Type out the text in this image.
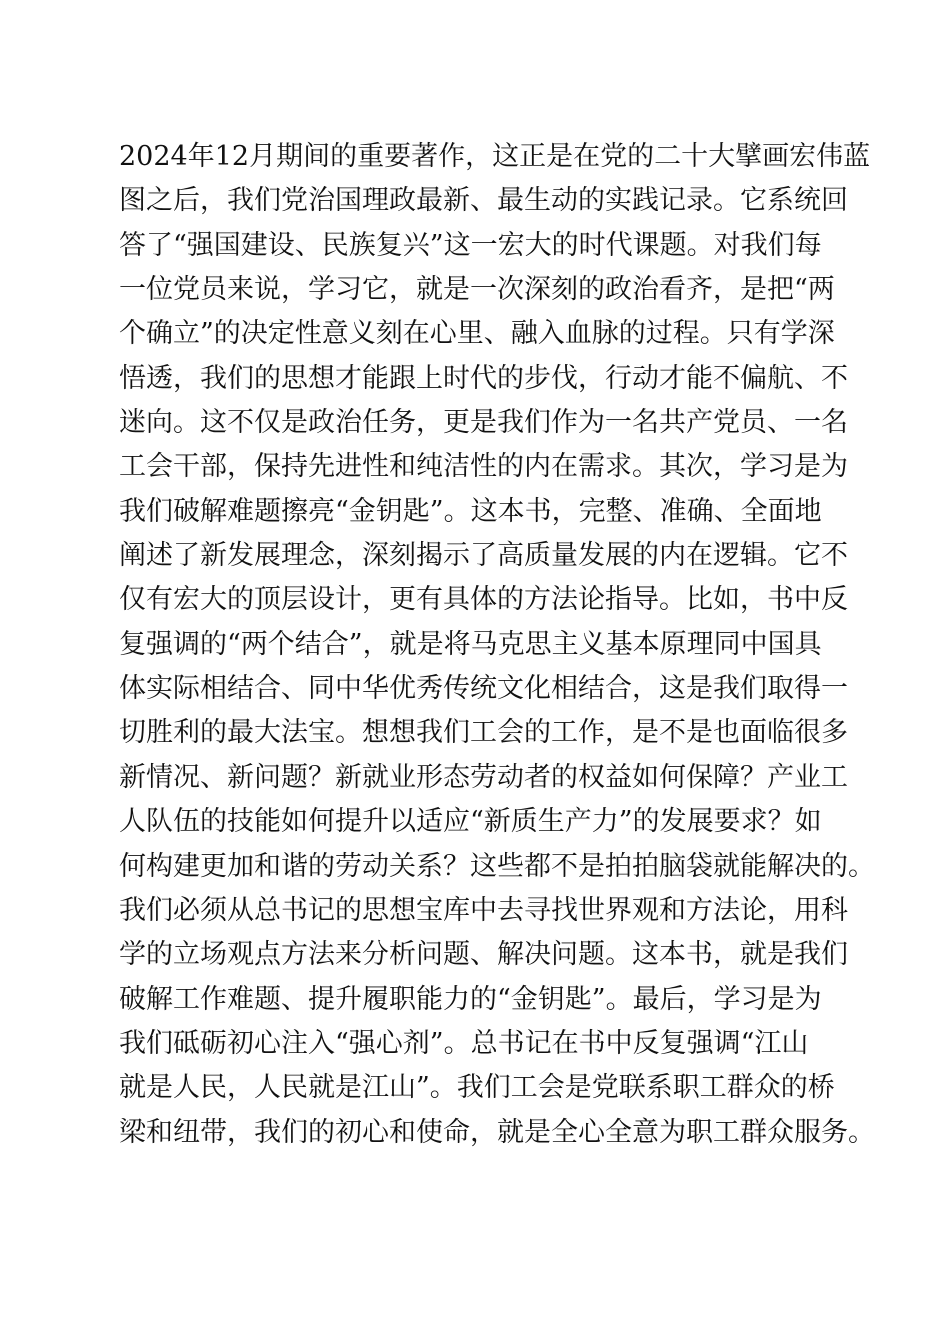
2024年12月期间的重要著作，这正是在党的二十大擘画宏伟蓝
图之后，我们党治国理政最新、最生动的实践记录。它系统回
答了“强国建设、民族复兴”这一宏大的时代课题。对我们每
一位党员来说，学习它，就是一次深刻的政治看齐，是把“两
个确立”的决定性意义刻在心里、融入血脉的过程。只有学深
悟透，我们的思想才能跟上时代的步伐，行动才能不偏航、不
迷向。这不仅是政治任务，更是我们作为一名共产党员、一名
工会干部，保持先进性和纯洁性的内在需求。其次，学习是为
我们破解难题擦亮“金钥匙”。这本书，完整、准确、全面地
阐述了新发展理念，深刻揭示了高质量发展的内在逻辑。它不
仅有宏大的顶层设计，更有具体的方法论指导。比如，书中反
复强调的“两个结合”，就是将马克思主义基本原理同中国具
体实际相结合、同中华优秀传统文化相结合，这是我们取得一
切胜利的最大法宝。想想我们工会的工作，是不是也面临很多
新情况、新问题？新就业形态劳动者的权益如何保障？产业工
人队伍的技能如何提升以适应“新质生产力”的发展要求？如
何构建更加和谐的劳动关系？这些都不是拍拍脑袋就能解决的。
我们必须从总书记的思想宝库中去寻找世界观和方法论，用科
学的立场观点方法来分析问题、解决问题。这本书，就是我们
破解工作难题、提升履职能力的“金钥匙”。最后，学习是为
我们砥砺初心注入“强心剂”。总书记在书中反复强调“江山
就是人民，人民就是江山”。我们工会是党联系职工群众的桥
梁和纽带，我们的初心和使命，就是全心全意为职工群众服务。
